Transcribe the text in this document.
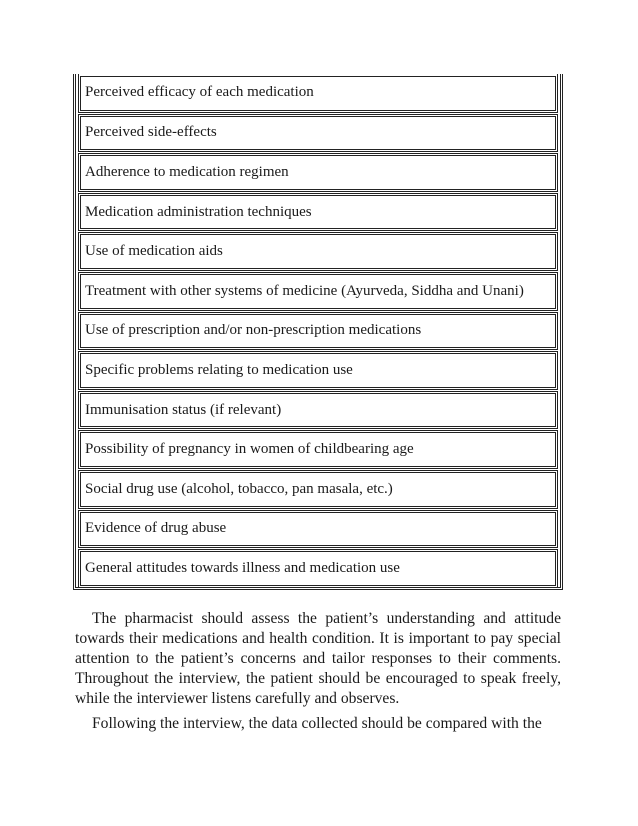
Perceived efficacy of each medication
Perceived side-effects
Adherence to medication regimen
Medication administration techniques
Use of medication aids
Treatment with other systems of medicine (Ayurveda, Siddha and Unani)
Use of prescription and/or non-prescription medications
Specific problems relating to medication use
Immunisation status (if relevant)
Possibility of pregnancy in women of childbearing age
Social drug use (alcohol, tobacco, pan masala, etc.)
Evidence of drug abuse
General attitudes towards illness and medication use

The pharmacist should assess the patient’s understanding and attitude towards their medications and health condition. It is important to pay special attention to the patient’s concerns and tailor responses to their comments. Throughout the interview, the patient should be encouraged to speak freely, while the interviewer listens carefully and observes.

Following the interview, the data collected should be compared with the
